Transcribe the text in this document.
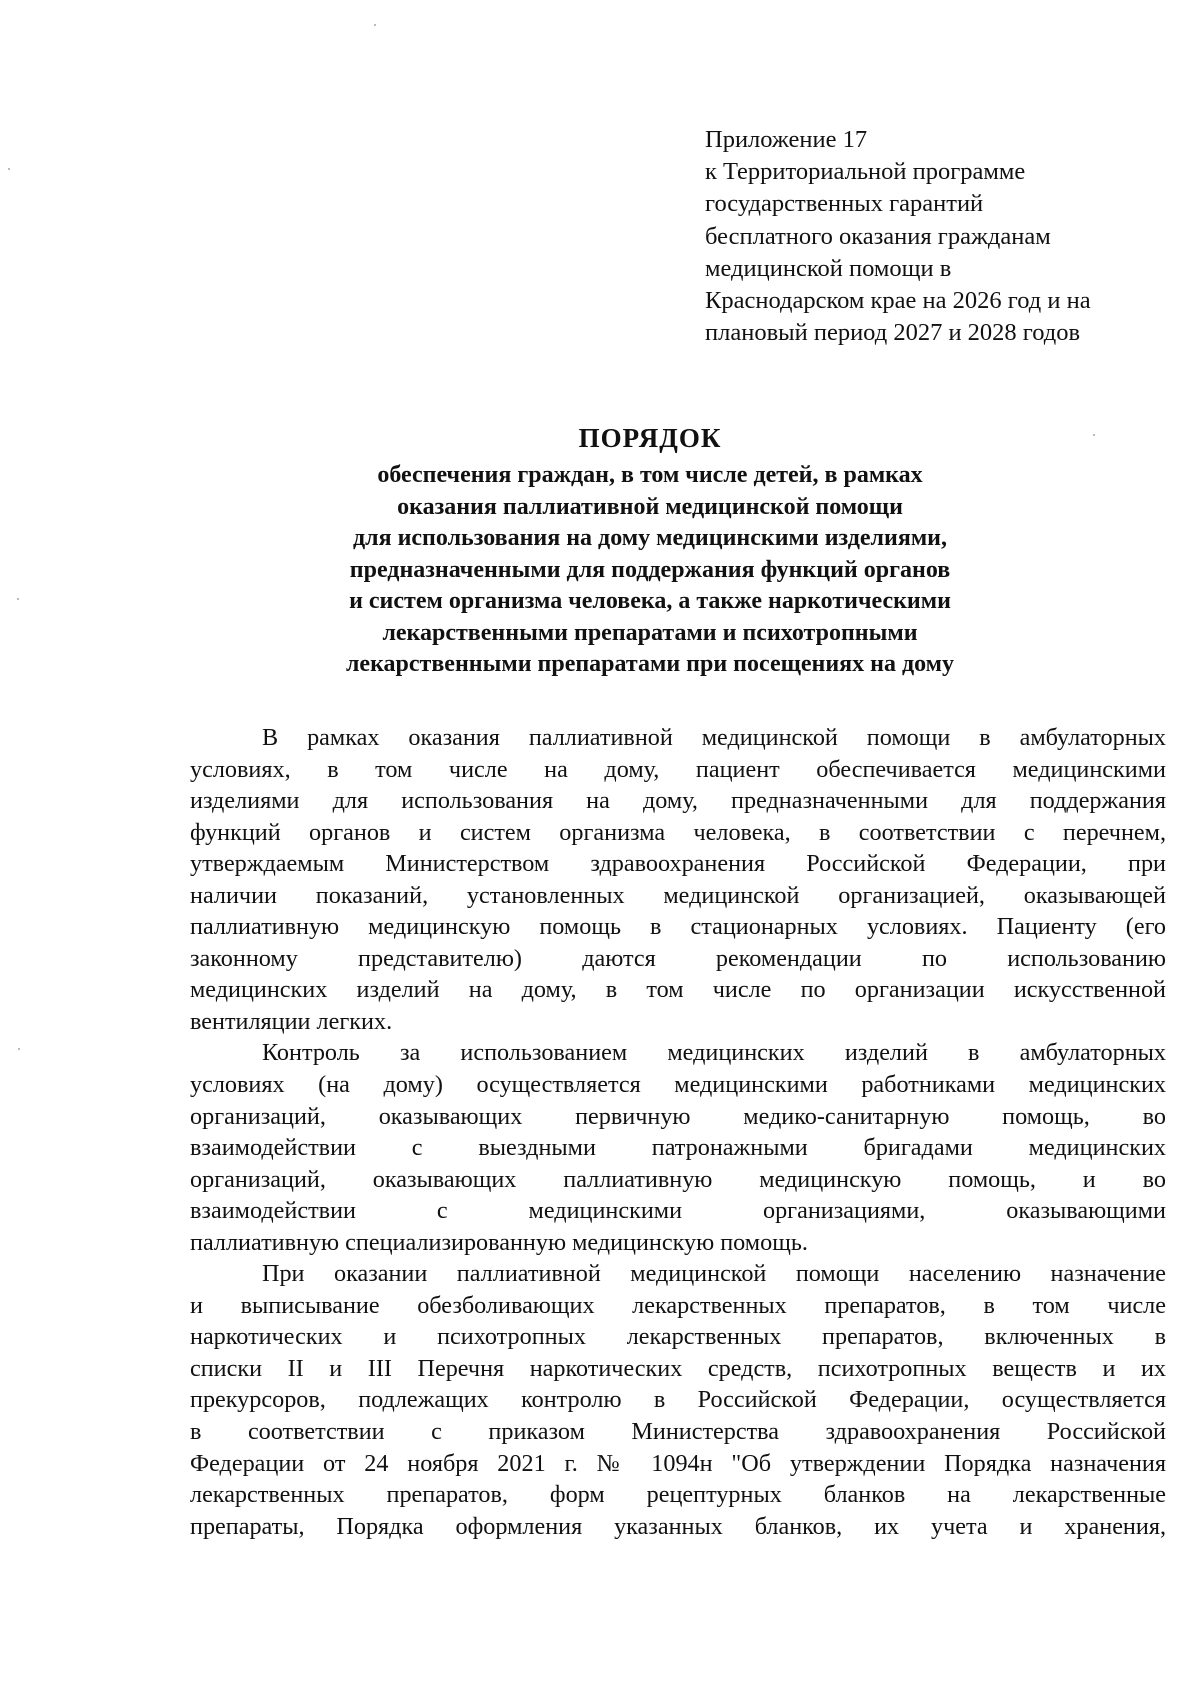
Приложение 17
к Территориальной программе
государственных гарантий
бесплатного оказания гражданам
медицинской помощи в
Краснодарском крае на 2026 год и на
плановый период 2027 и 2028 годов
ПОРЯДОК
обеспечения граждан, в том числе детей, в рамках
оказания паллиативной медицинской помощи
для использования на дому медицинскими изделиями,
предназначенными для поддержания функций органов
и систем организма человека, а также наркотическими
лекарственными препаратами и психотропными
лекарственными препаратами при посещениях на дому
В рамках оказания паллиативной медицинской помощи в амбулаторных
условиях, в том числе на дому, пациент обеспечивается медицинскими
изделиями для использования на дому, предназначенными для поддержания
функций органов и систем организма человека, в соответствии с перечнем,
утверждаемым Министерством здравоохранения Российской Федерации, при
наличии показаний, установленных медицинской организацией, оказывающей
паллиативную медицинскую помощь в стационарных условиях. Пациенту (его
законному представителю) даются рекомендации по использованию
медицинских изделий на дому, в том числе по организации искусственной
вентиляции легких.
Контроль за использованием медицинских изделий в амбулаторных
условиях (на дому) осуществляется медицинскими работниками медицинских
организаций, оказывающих первичную медико-санитарную помощь, во
взаимодействии с выездными патронажными бригадами медицинских
организаций, оказывающих паллиативную медицинскую помощь, и во
взаимодействии с медицинскими организациями, оказывающими
паллиативную специализированную медицинскую помощь.
При оказании паллиативной медицинской помощи населению назначение
и выписывание обезболивающих лекарственных препаратов, в том числе
наркотических и психотропных лекарственных препаратов, включенных в
списки II и III Перечня наркотических средств, психотропных веществ и их
прекурсоров, подлежащих контролю в Российской Федерации, осуществляется
в соответствии с приказом Министерства здравоохранения Российской
Федерации от 24 ноября 2021 г. № 1094н "Об утверждении Порядка назначения
лекарственных препаратов, форм рецептурных бланков на лекарственные
препараты, Порядка оформления указанных бланков, их учета и хранения,
